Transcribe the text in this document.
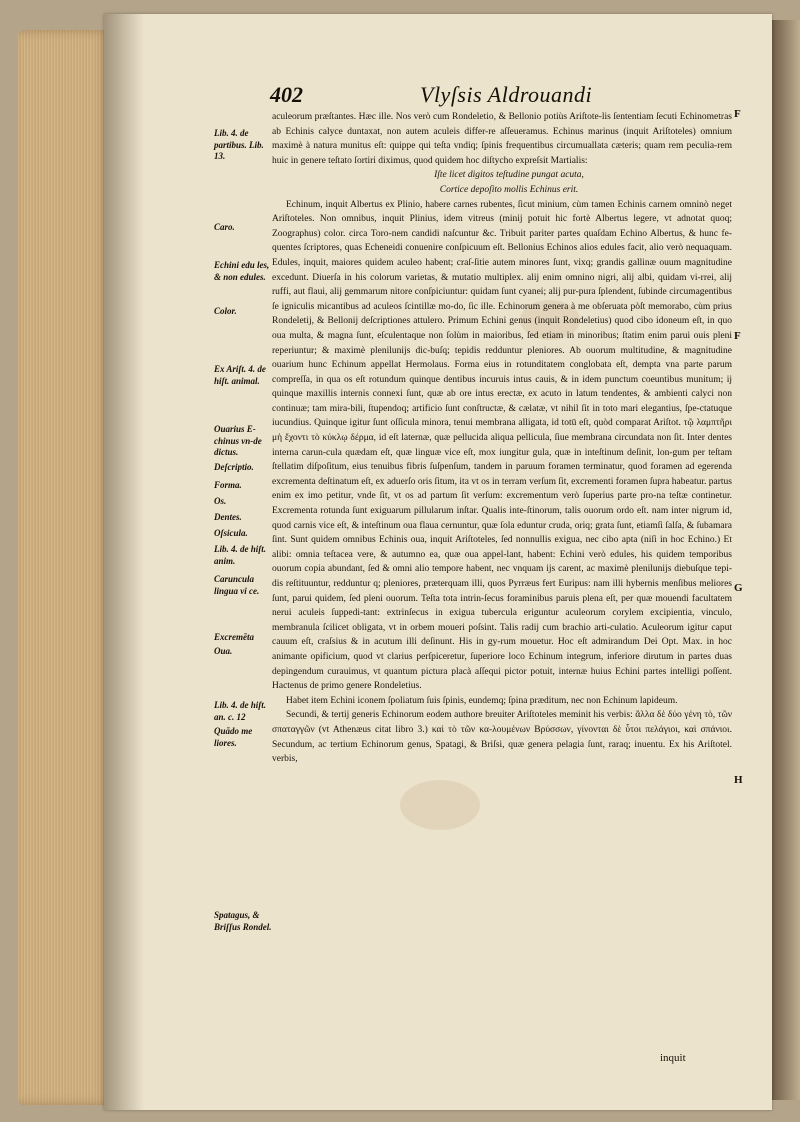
402	Vlyſsis Aldrouandi

aculeorum præſtantes. Hæc ille. Nos verò cum Rondeletio, & Bellonio potiùs Ariſtote-lis ſententiam ſecuti Echinometras ab Echinis calyce duntaxat, non autem aculeis differ-re aſſeueramus. Echinus marinus (inquit Ariſtoteles) omnium maximè à natura munitus eſt: quippe qui teſta vndiq; ſpinis frequentibus circumuallata cæteris; quam rem peculia-rem huic in genere teſtato ſortiri diximus, quod quidem hoc diſtycho expreſsit Martialis:

Iſte licet digitos teſtudine pungat acuta,

Cortice depoſito mollis Echinus erit.

Echinum, inquit Albertus ex Plinio, habere carnes rubentes, ſicut minium, cùm tamen Echinis carnem omninò neget Ariſtoteles. Non omnibus, inquit Plinius, idem vitreus (minij potuit hic fortè Albertus legere, vt adnotat quoq; Zoographus) color. circa Toro-nem candidi naſcuntur &c. Tribuit pariter partes quaſdam Echino Albertus, & hunc fe-quentes ſcriptores, quas Echeneidi conuenire conſpicuum eſt. Bellonius Echinos alios edules facit, alio verò nequaquam. Edules, inquit, maiores quidem aculeo habent; craſ-ſitie autem minores ſunt, vixq; grandis gallinæ ouum magnitudine excedunt. Diuerſa in his colorum varietas, & mutatio multiplex. alij enim omnino nigri, alij albi, quidam vi-rrei, alij ruffi, aut flaui, alij gemmarum nitore conſpiciuntur: quidam ſunt cyanei; alij pur-pura ſplendent, ſubinde circumagentibus ſe igniculis micantibus ad aculeos ſcintillæ mo-do, ſic ille. Echinorum genera à me obſeruata pòſt memorabo, cùm prius Rondeletij, & Bellonij deſcriptiones attulero. Primum Echini genus (inquit Rondeletius) quod cibo idoneum eſt, in quo oua multa, & magna ſunt, eſculentaque non ſolùm in maioribus, ſed etiam in minoribus; ſtatim enim parui ouis pleni reperiuntur; & maximè plenilunijs dic-buſq; tepidis redduntur pleniores. Ab ouorum multitudine, & magnitudine ouarium hunc Echinum appellat Hermolaus. Forma eius in rotunditatem conglobata eſt, dempta vna parte parum compreſſa, in qua os eſt rotundum quinque dentibus incuruis intus cauis, & in idem punctum coeuntibus munitum; ij quinque maxillis internis connexi ſunt, quæ ab ore intus erectæ, ex acuto in latum tendentes, & ambienti calyci non continuæ; tam mira-bili, ſtupendoq; artificio ſunt conſtructæ, & cælatæ, vt nihil ſit in toto mari elegantius, ſpe-ctatuque iucundius. Quinque igitur ſunt oſſicula minora, tenui membrana alligata, id totū eſt, quòd comparat Ariſtot. τῷ λαμπτῆρι μὴ ἔχοντι τὸ κύκλῳ δέρμα, id eſt laternæ, quæ pellucida aliqua pellicula, ſiue membrana circundata non ſit. Inter dentes interna carun-cula quædam eſt, quæ linguæ vice eſt, mox iungitur gula, quæ in inteſtinum deſinit, lon-gum per teſtam ſtellatim diſpoſitum, eius tenuibus fibris ſuſpenſum, tandem in paruum foramen terminatur, quod foramen ad egerenda excrementa deſtinatum eſt, ex aduerſo oris ſitum, ita vt os in terram verſum ſit, excrementi foramen ſupra habeatur. partus enim ex imo petitur, vnde ſit, vt os ad partum ſit verſum: excrementum verò ſuperius parte pro-na teſtæ continetur. Excrementa rotunda ſunt exiguarum pillularum inſtar. Qualis inte-ſtinorum, talis ouorum ordo eſt. nam inter nigrum id, quod carnis vice eſt, & inteſtinum oua flaua cernuntur, quæ ſola eduntur cruda, oriq; grata ſunt, etiamſi ſalſa, & ſubamara ſint. Sunt quidem omnibus Echinis oua, inquit Ariſtoteles, ſed nonnullis exigua, nec cibo apta (niſi in hoc Echino.) Et alibi: omnia teſtacea vere, & autumno ea, quæ oua appel-lant, habent: Echini verò edules, his quidem temporibus ouorum copia abundant, ſed & omni alio tempore habent, nec vnquam ijs carent, ac maximè plenilunijs diebuſque tepi-dis reſtituuntur, redduntur q; pleniores, præterquam illi, quos Pyrræus fert Euripus: nam illi hybernis menſibus meliores ſunt, parui quidem, ſed pleni ouorum. Teſta tota intrin-ſecus foraminibus paruis plena eſt, per quæ mouendi facultatem nerui aculeis ſuppedi-tant: extrinſecus in exigua tubercula eriguntur aculeorum corylem excipientia, vinculo, membranula ſcilicet obligata, vt in orbem moueri poſsint. Talis radij cum brachio arti-culatio. Aculeorum igitur caput cauum eſt, craſsius & in acutum illi deſinunt. His in gy-rum mouetur. Hoc eſt admirandum Dei Opt. Max. in hoc animante opificium, quod vt clarius perſpiceretur, ſuperiore loco Echinum integrum, inferiore dirutum in partes duas depingendum curauimus, vt quantum pictura placà aſſequi pictor potuit, internæ huius Echini partes intelligi poſſent. Hactenus de primo genere Rondeletius.

Habet item Echini iconem ſpoliatum ſuis ſpinis, eundemq; ſpina præditum, nec non Echinum lapideum.

Secundi, & tertij generis Echinorum eodem authore breuiter Ariſtoteles meminit his verbis: ἄλλα δὲ δύο γένη τὸ, τῶν σπαταγγῶν (vt Athenæus citat libro 3.) καὶ τὸ τῶν κα-λουμένων Βρύσσων, γίνονται δὲ ὗτοι πελάγιοι, καὶ σπάνιοι. Secundum, ac tertium Echinorum genus, Spatagi, & Briſsi, quæ genera pelagia ſunt, raraq; inuentu. Ex his Ariſtotel. verbis,

inquit
Lib. 4. de partibus. Lib. 13.
Caro.
Echini edu les, & non edules.
Color.
Ex Ariſt. 4. de hiſt. animal.
Ouarius E-chinus vn-de dictus.
Deſcriptio.
Forma.
Os.
Dentes.
Oſsicula.
Lib. 4. de hiſt. anim.
Caruncula lingua vi ce.
Excremēta
Oua.
Lib. 4. de hiſt. an. c. 12
Quādo me liores.
Spatagus, & Briſſus Rondel.
F
F
G
H
